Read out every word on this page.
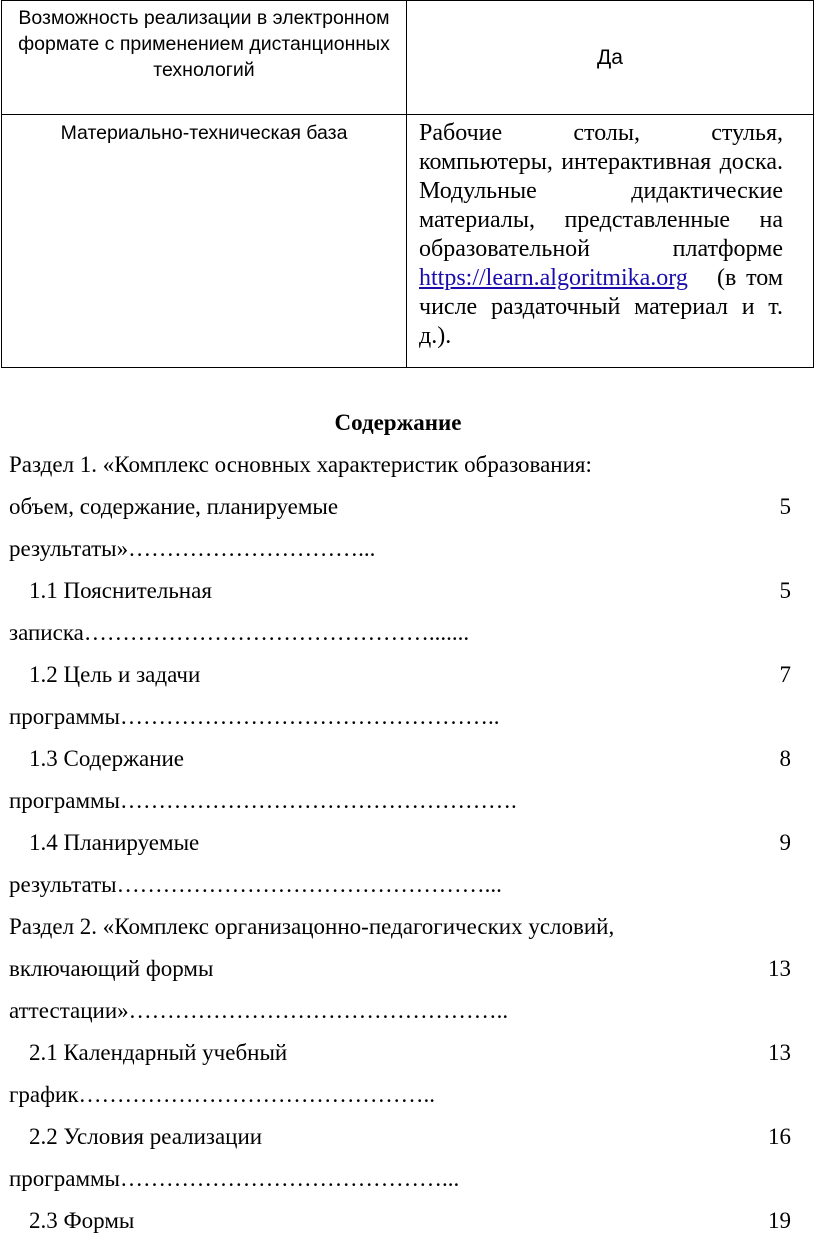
Возможность реализации в электронном формате с применением дистанционных технологий	Да

Материально-техническая база	Рабочие столы, стулья, компьютеры, интерактивная доска. Модульные дидактические материалы, представленные на образовательной платформе https://learn.algoritmika.org (в том числе раздаточный материал и т. д.).
Содержание
Раздел 1. «Комплекс основных характеристик образования:
объем, содержание, планируемые	5
результаты»…………………………...
1.1 Пояснительная	5
записка……………………………………….......
1.2 Цель и задачи	7
программы…………………………………………..
1.3 Содержание	8
программы…………………………………………….
1.4 Планируемые	9
результаты…………………………………………...
Раздел 2. «Комплекс организацонно-педагогических условий,
включающий формы	13
аттестации»…………………………………………..
2.1 Календарный учебный	13
график………………………………………..
2.2 Условия реализации	16
программы……………………………………...
2.3 Формы	19
